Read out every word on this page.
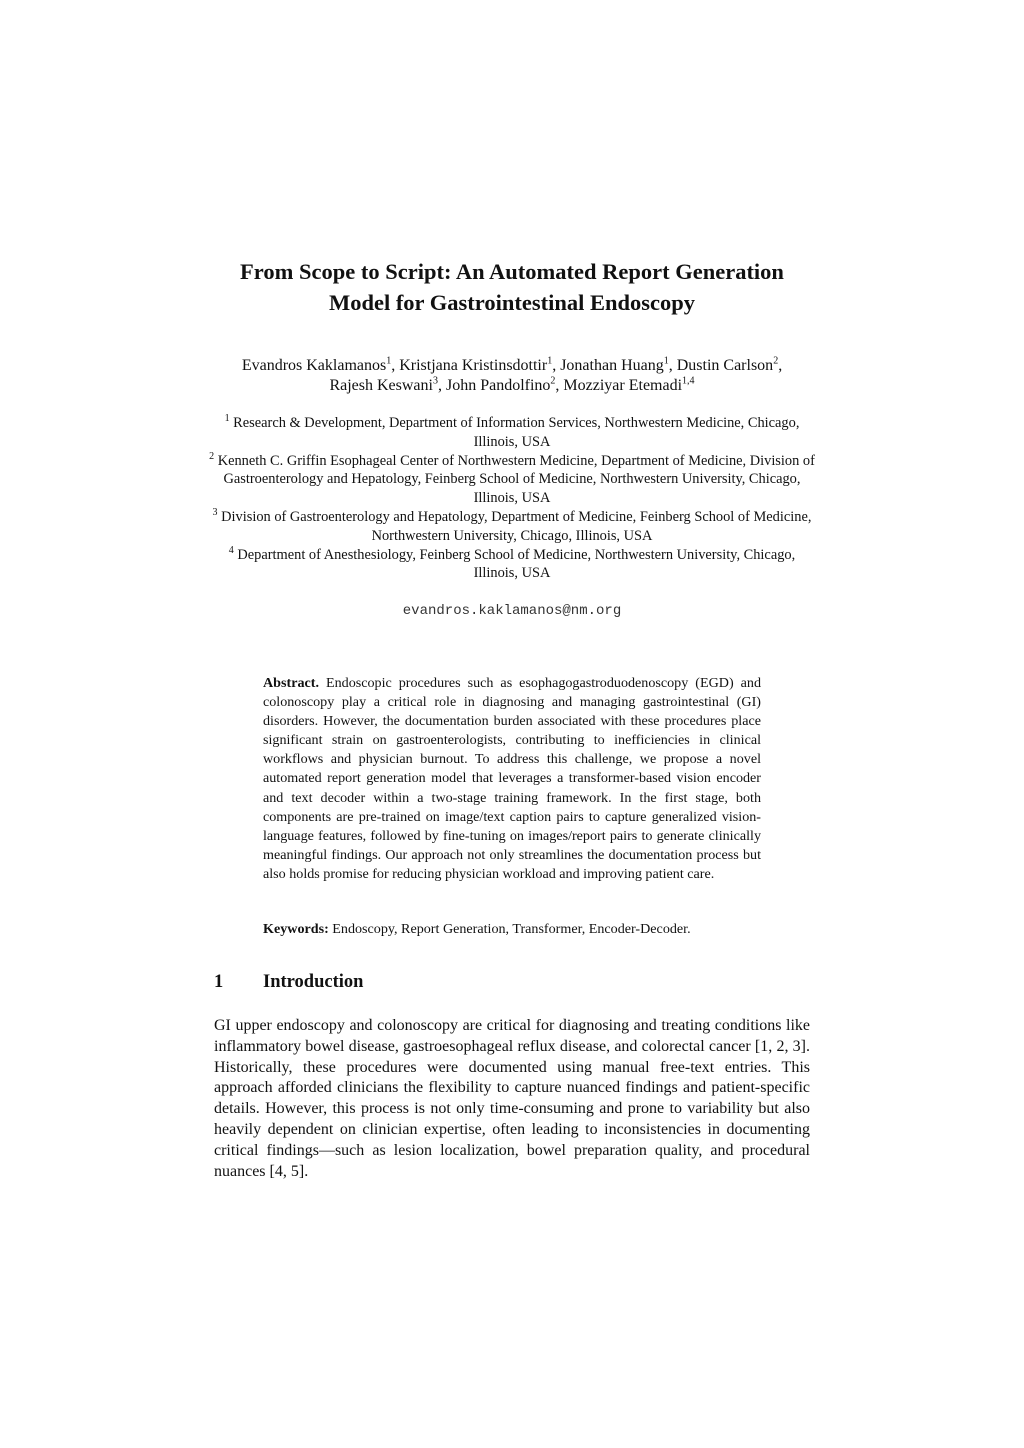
From Scope to Script: An Automated Report Generation
Model for Gastrointestinal Endoscopy
Evandros Kaklamanos$^1$, Kristjana Kristinsdottir$^1$, Jonathan Huang$^1$, Dustin Carlson$^2$,
Rajesh Keswani$^3$, John Pandolfino$^2$, Mozziyar Etemadi$^{1,4}$

$^1$ Research & Development, Department of Information Services, Northwestern Medicine, Chicago, Illinois, USA

$^2$ Kenneth C. Griffin Esophageal Center of Northwestern Medicine, Department of Medicine, Division of Gastroenterology and Hepatology, Feinberg School of Medicine, Northwestern University, Chicago, Illinois, USA

$^3$ Division of Gastroenterology and Hepatology, Department of Medicine, Feinberg School of Medicine, Northwestern University, Chicago, Illinois, USA

$^4$ Department of Anesthesiology, Feinberg School of Medicine, Northwestern University, Chicago, Illinois, USA

evandros.kaklamanos@nm.org

Abstract. Endoscopic procedures such as esophagogastroduodenoscopy (EGD) and colonoscopy play a critical role in diagnosing and managing gastrointestinal (GI) disorders. However, the documentation burden associated with these procedures place significant strain on gastroenterologists, contributing to inefficiencies in clinical workflows and physician burnout. To address this challenge, we propose a novel automated report generation model that leverages a transformer-based vision encoder and text decoder within a two-stage training framework. In the first stage, both components are pre-trained on image/text caption pairs to capture generalized vision-language features, followed by fine-tuning on images/report pairs to generate clinically meaningful findings. Our approach not only streamlines the documentation process but also holds promise for reducing physician workload and improving patient care.

Keywords: Endoscopy, Report Generation, Transformer, Encoder-Decoder.

1 Introduction

GI upper endoscopy and colonoscopy are critical for diagnosing and treating conditions like inflammatory bowel disease, gastroesophageal reflux disease, and colorectal cancer [1, 2, 3]. Historically, these procedures were documented using manual free-text entries. This approach afforded clinicians the flexibility to capture nuanced findings and patient-specific details. However, this process is not only time-consuming and prone to variability but also heavily dependent on clinician expertise, often leading to inconsistencies in documenting critical findings—such as lesion localization, bowel preparation quality, and procedural nuances [4, 5].
